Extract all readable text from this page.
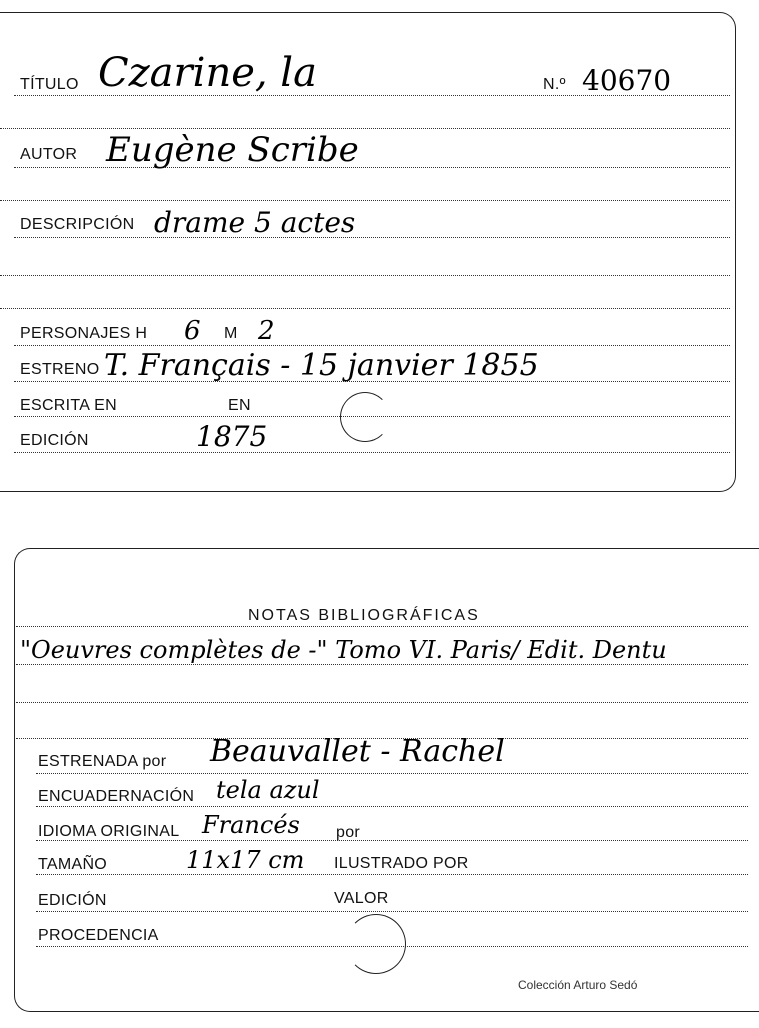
TÍTULO Czarine, la	N.º 40670
AUTOR Eugène Scribe
DESCRIPCIÓN drame 5 actes
PERSONAJES H 6 M 2
ESTRENO T. Français - 15 janvier 1855
ESCRITA EN	EN
EDICIÓN	1875
NOTAS BIBLIOGRÁFICAS
"Oeuvres complètes de -" Tomo VI. Paris/ Edit. Dentu
ESTRENADA por Beauvallet - Rachel
ENCUADERNACIÓN tela azul
IDIOMA ORIGINAL Francés por
TAMAÑO	11x17 cm ILUSTRADO POR
EDICIÓN	VALOR
PROCEDENCIA
Colección Arturo Sedó
